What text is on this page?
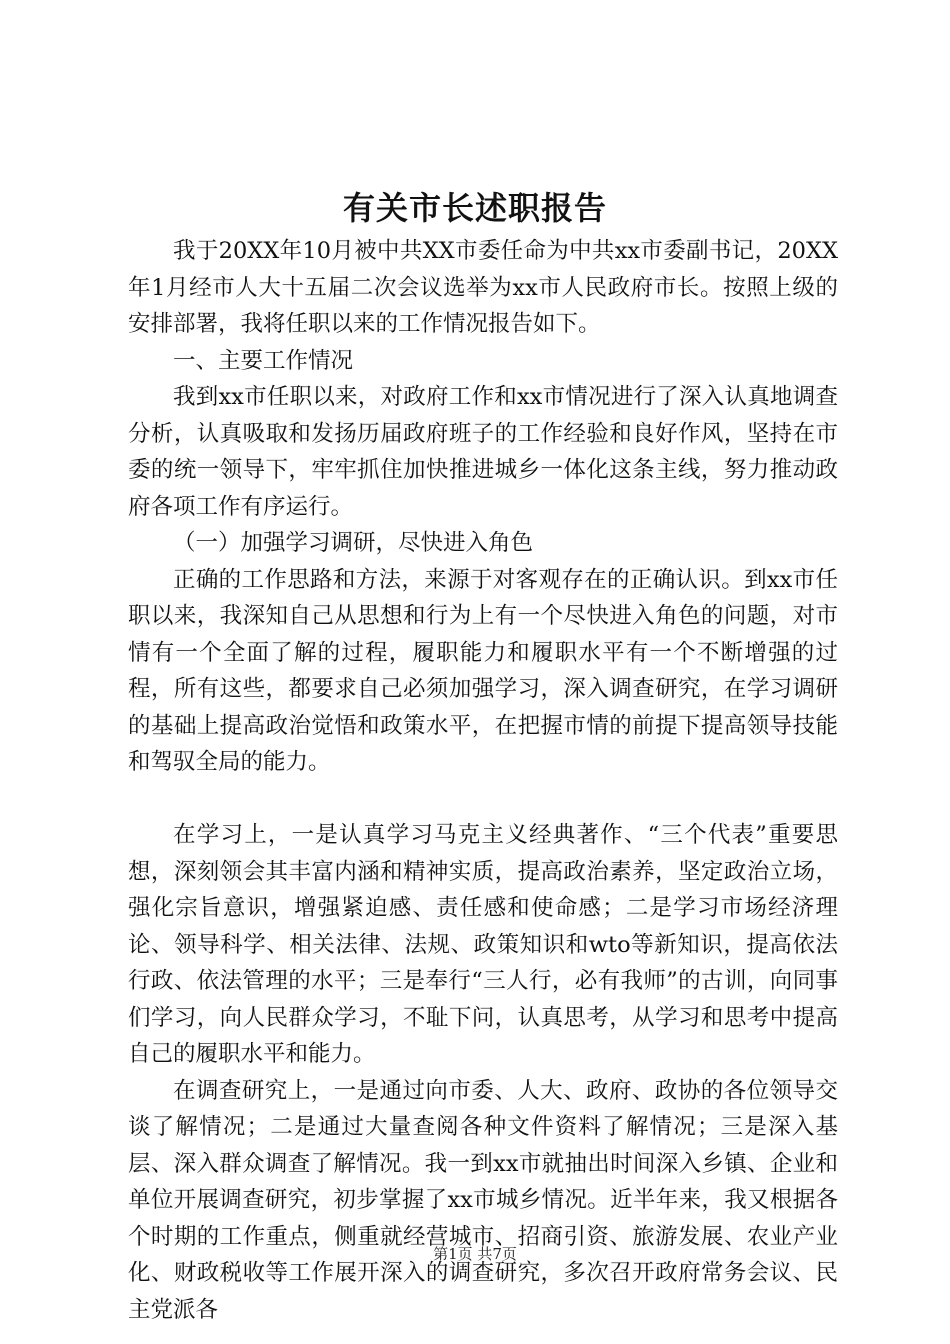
有关市长述职报告

我于20XX年10月被中共XX市委任命为中共xx市委副书记，20XX年1月经市人大十五届二次会议选举为xx市人民政府市长。按照上级的安排部署，我将任职以来的工作情况报告如下。

一、主要工作情况

我到xx市任职以来，对政府工作和xx市情况进行了深入认真地调查分析，认真吸取和发扬历届政府班子的工作经验和良好作风，坚持在市委的统一领导下，牢牢抓住加快推进城乡一体化这条主线，努力推动政府各项工作有序运行。

（一）加强学习调研，尽快进入角色

正确的工作思路和方法，来源于对客观存在的正确认识。到xx市任职以来，我深知自己从思想和行为上有一个尽快进入角色的问题，对市情有一个全面了解的过程，履职能力和履职水平有一个不断增强的过程，所有这些，都要求自己必须加强学习，深入调查研究，在学习调研的基础上提高政治觉悟和政策水平，在把握市情的前提下提高领导技能和驾驭全局的能力。

在学习上，一是认真学习马克主义经典著作、“三个代表”重要思想，深刻领会其丰富内涵和精神实质，提高政治素养，坚定政治立场，强化宗旨意识，增强紧迫感、责任感和使命感；二是学习市场经济理论、领导科学、相关法律、法规、政策知识和wto等新知识，提高依法行政、依法管理的水平；三是奉行“三人行，必有我师”的古训，向同事们学习，向人民群众学习，不耻下问，认真思考，从学习和思考中提高自己的履职水平和能力。

在调查研究上，一是通过向市委、人大、政府、政协的各位领导交谈了解情况；二是通过大量查阅各种文件资料了解情况；三是深入基层、深入群众调查了解情况。我一到xx市就抽出时间深入乡镇、企业和单位开展调查研究，初步掌握了xx市城乡情况。近半年来，我又根据各个时期的工作重点，侧重就经营城市、招商引资、旅游发展、农业产业化、财政税收等工作展开深入的调查研究，多次召开政府常务会议、民主党派各

第1页 共7页
